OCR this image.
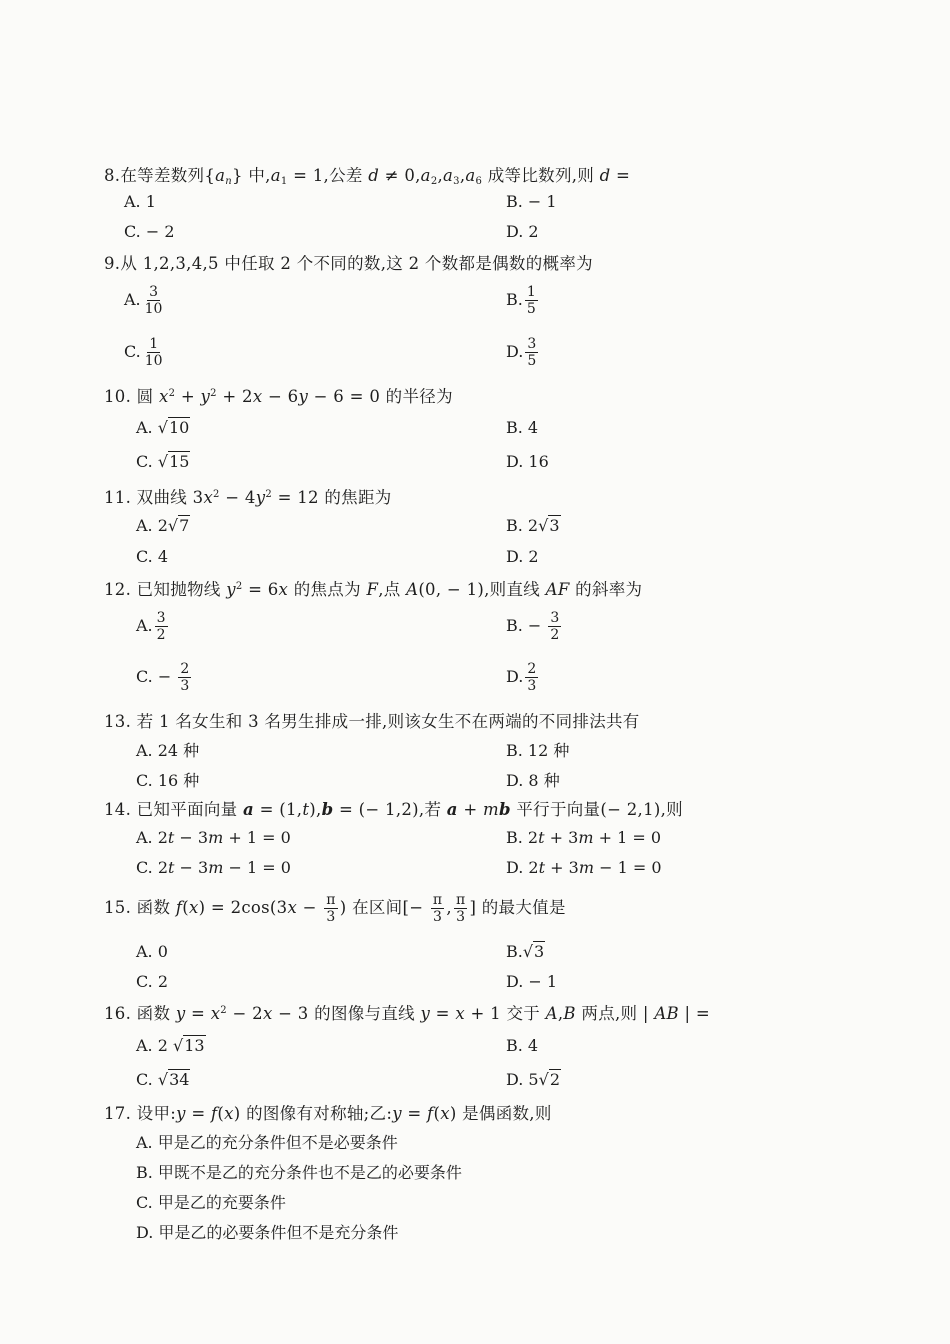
8.在等差数列$\{a_n\}$ 中$,a_1 = 1$,公差 $d \ne 0,a_2,a_3,a_6$ 成等比数列,则 d =
A. 1	B. − 1
C. − 2	D. 2
9.从 1,2,3,4,5 中任取 2 个不同的数,这 2 个数都是偶数的概率为
A. $\frac{3}{10}$	B. $\frac{1}{5}$
C. $\frac{1}{10}$	D. $\frac{3}{5}$
10. 圆 $x^2 + y^2 + 2x - 6y - 6 = 0$ 的半径为
A. √10	B. 4
C. √15	D. 16
11. 双曲线 $3x^2 - 4y^2 = 12$ 的焦距为
A. 2√7	B. 2√3
C. 4	D. 2
12. 已知抛物线 $y^2 = 6x$ 的焦点为 F,点 A(0, − 1),则直线 AF 的斜率为
A. $\frac{3}{2}$	B. − $\frac{3}{2}$
C. − $\frac{2}{3}$	D. $\frac{2}{3}$
13. 若 1 名女生和 3 名男生排成一排,则该女生不在两端的不同排法共有
A. 24 种	B. 12 种
C. 16 种	D. 8 种
14. 已知平面向量 a = (1,t),b = (− 1,2),若 a + mb 平行于向量(− 2,1),则
A. 2t − 3m + 1 = 0	B. 2t + 3m + 1 = 0
C. 2t − 3m − 1 = 0	D. 2t + 3m − 1 = 0
15. 函数 $f(x) = 2\cos(3x - \frac{\pi}{3}$ ) 在区间[− $\frac{\pi}{3}$ , $\frac{\pi}{3}$ ] 的最大值是
A. 0	B.√3
C. 2	D. − 1
16. 函数 $y = x^2 - 2x - 3$ 的图像与直线 y = x + 1 交于 A,B 两点,则 | AB | =
A. 2 √13	B. 4
C. √34	D. 5√2
17. 设甲:y = f(x) 的图像有对称轴;乙:y = f(x) 是偶函数,则
A. 甲是乙的充分条件但不是必要条件
B. 甲既不是乙的充分条件也不是乙的必要条件
C. 甲是乙的充要条件
D. 甲是乙的必要条件但不是充分条件
